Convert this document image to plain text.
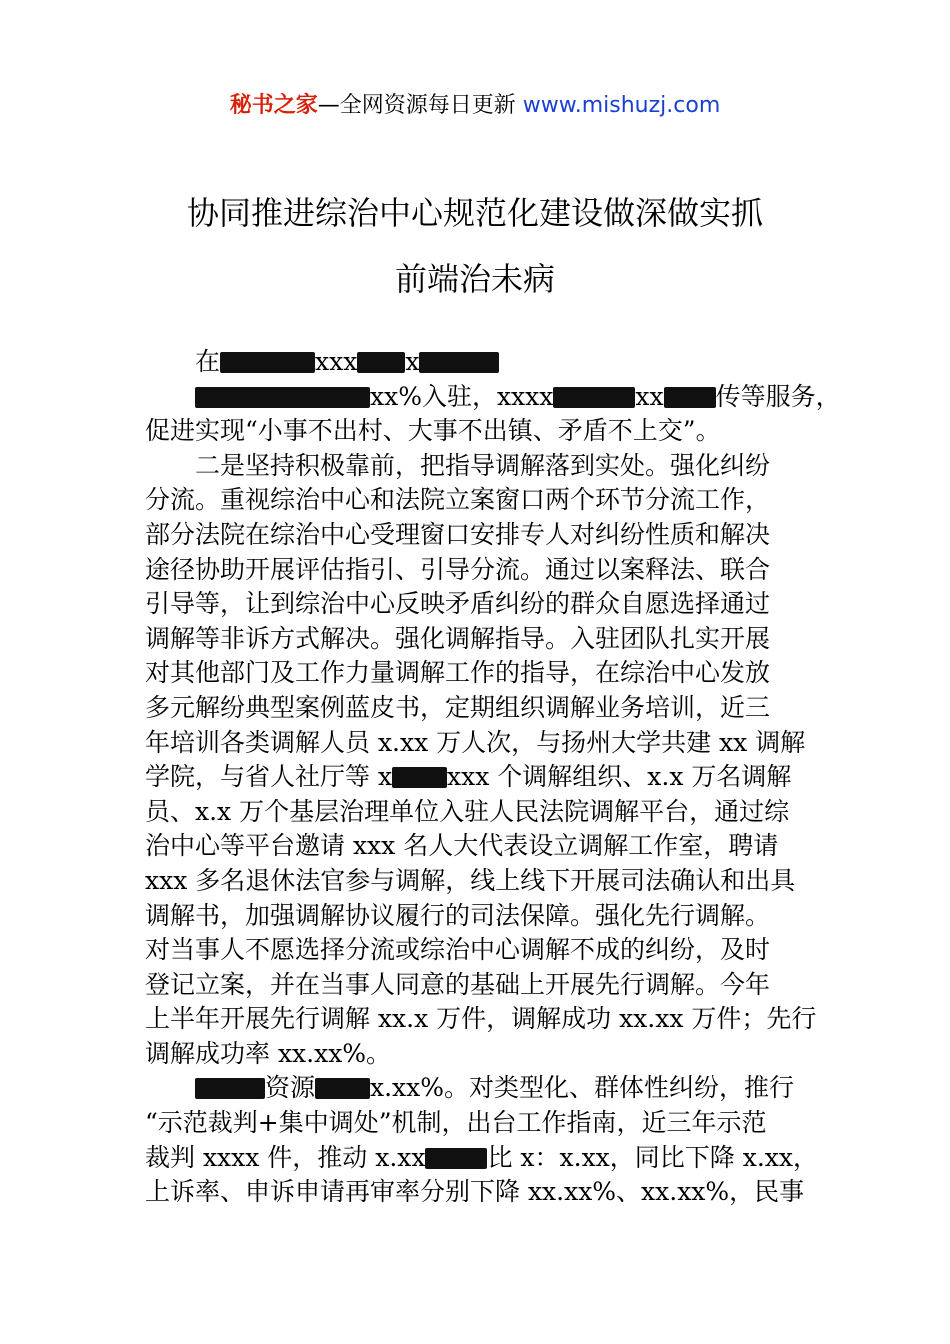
秘书之家—全网资源每日更新 www.mishuzj.com
协同推进综治中心规范化建设做深做实抓
前端治未病
在	xxx x
xx%入驻，xxxx	xx 传等服务，
促进实现“小事不出村、大事不出镇、矛盾不上交”。
二是坚持积极靠前，把指导调解落到实处。强化纠纷
分流。重视综治中心和法院立案窗口两个环节分流工作，
部分法院在综治中心受理窗口安排专人对纠纷性质和解决
途径协助开展评估指引、引导分流。通过以案释法、联合
引导等，让到综治中心反映矛盾纠纷的群众自愿选择通过
调解等非诉方式解决。强化调解指导。入驻团队扎实开展
对其他部门及工作力量调解工作的指导，在综治中心发放
多元解纷典型案例蓝皮书，定期组织调解业务培训，近三
年培训各类调解人员 x.xx 万人次，与扬州大学共建 xx 调解
学院，与省人社厅等 x xxx 个调解组织、x.x 万名调解
员、x.x 万个基层治理单位入驻人民法院调解平台，通过综
治中心等平台邀请 xxx 名人大代表设立调解工作室，聘请
xxx 多名退休法官参与调解，线上线下开展司法确认和出具
调解书，加强调解协议履行的司法保障。强化先行调解。
对当事人不愿选择分流或综治中心调解不成的纠纷，及时
登记立案，并在当事人同意的基础上开展先行调解。今年
上半年开展先行调解 xx.x 万件，调解成功 xx.xx 万件；先行
调解成功率 xx.xx%。
资源 x.xx%。对类型化、群体性纠纷，推行
“示范裁判+集中调处”机制，出台工作指南，近三年示范
裁判 xxxx 件，推动 x.xx 比 x：x.xx，同比下降 x.xx，
上诉率、申诉申请再审率分别下降 xx.xx%、xx.xx%，民事
